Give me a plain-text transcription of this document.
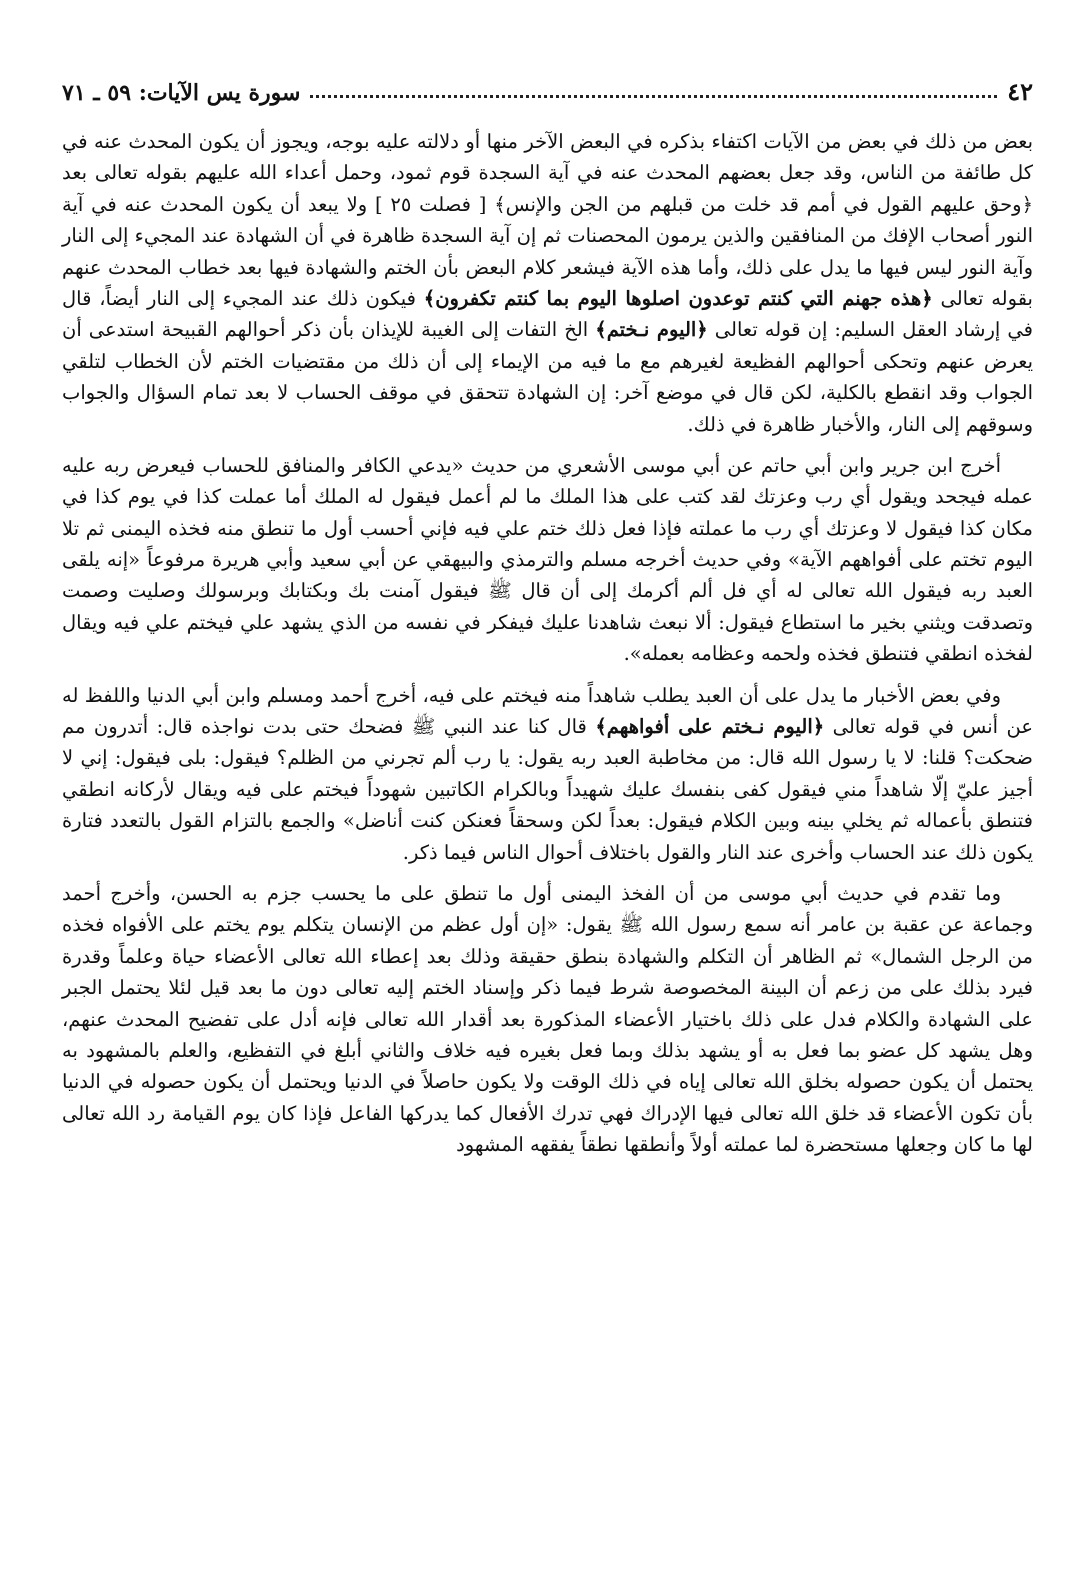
٤٢
سورة يس الآيات: ٥٩ ـ ٧١

بعض من ذلك في بعض من الآيات اكتفاء بذكره في البعض الآخر منها أو دلالته عليه بوجه، ويجوز أن يكون المحدث عنه في كل طائفة من الناس، وقد جعل بعضهم المحدث عنه في آية السجدة قوم ثمود، وحمل أعداء الله عليهم بقوله تعالى بعد ﴿وحق عليهم القول في أمم قد خلت من قبلهم من الجن والإنس﴾ [ فصلت ٢٥ ] ولا يبعد أن يكون المحدث عنه في آية النور أصحاب الإفك من المنافقين والذين يرمون المحصنات ثم إن آية السجدة ظاهرة في أن الشهادة عند المجيء إلى النار وآية النور ليس فيها ما يدل على ذلك، وأما هذه الآية فيشعر كلام البعض بأن الختم والشهادة فيها بعد خطاب المحدث عنهم بقوله تعالى ﴿هذه جهنم التي كنتم توعدون اصلوها اليوم بما كنتم تكفرون﴾ فيكون ذلك عند المجيء إلى النار أيضاً، قال في إرشاد العقل السليم: إن قوله تعالى ﴿اليوم نـختم﴾ الخ التفات إلى الغيبة للإيذان بأن ذكر أحوالهم القبيحة استدعى أن يعرض عنهم وتحكى أحوالهم الفظيعة لغيرهم مع ما فيه من الإيماء إلى أن ذلك من مقتضيات الختم لأن الخطاب لتلقي الجواب وقد انقطع بالكلية، لكن قال في موضع آخر: إن الشهادة تتحقق في موقف الحساب لا بعد تمام السؤال والجواب وسوقهم إلى النار، والأخبار ظاهرة في ذلك.

أخرج ابن جرير وابن أبي حاتم عن أبي موسى الأشعري من حديث «يدعي الكافر والمنافق للحساب فيعرض ربه عليه عمله فيجحد ويقول أي رب وعزتك لقد كتب على هذا الملك ما لم أعمل فيقول له الملك أما عملت كذا في يوم كذا في مكان كذا فيقول لا وعزتك أي رب ما عملته فإذا فعل ذلك ختم علي فيه فإني أحسب أول ما تنطق منه فخذه اليمنى ثم تلا اليوم تختم على أفواههم الآية» وفي حديث أخرجه مسلم والترمذي والبيهقي عن أبي سعيد وأبي هريرة مرفوعاً «إنه يلقى العبد ربه فيقول الله تعالى له أي فل ألم أكرمك إلى أن قال ﷺ فيقول آمنت بك وبكتابك وبرسولك وصليت وصمت وتصدقت ويثني بخير ما استطاع فيقول: ألا نبعث شاهدنا عليك فيفكر في نفسه من الذي يشهد علي فيختم علي فيه ويقال لفخذه انطقي فتنطق فخذه ولحمه وعظامه بعمله».

وفي بعض الأخبار ما يدل على أن العبد يطلب شاهداً منه فيختم على فيه، أخرج أحمد ومسلم وابن أبي الدنيا واللفظ له عن أنس في قوله تعالى ﴿اليوم نـختم على أفواههم﴾ قال كنا عند النبي ﷺ فضحك حتى بدت نواجذه قال: أتدرون مم ضحكت؟ قلنا: لا يا رسول الله قال: من مخاطبة العبد ربه يقول: يا رب ألم تجرني من الظلم؟ فيقول: بلى فيقول: إني لا أجيز عليّ إلّا شاهداً مني فيقول كفى بنفسك عليك شهيداً وبالكرام الكاتبين شهوداً فيختم على فيه ويقال لأركانه انطقي فتنطق بأعماله ثم يخلي بينه وبين الكلام فيقول: بعداً لكن وسحقاً فعنكن كنت أناضل» والجمع بالتزام القول بالتعدد فتارة يكون ذلك عند الحساب وأخرى عند النار والقول باختلاف أحوال الناس فيما ذكر.

وما تقدم في حديث أبي موسى من أن الفخذ اليمنى أول ما تنطق على ما يحسب جزم به الحسن، وأخرج أحمد وجماعة عن عقبة بن عامر أنه سمع رسول الله ﷺ يقول: «إن أول عظم من الإنسان يتكلم يوم يختم على الأفواه فخذه من الرجل الشمال» ثم الظاهر أن التكلم والشهادة بنطق حقيقة وذلك بعد إعطاء الله تعالى الأعضاء حياة وعلماً وقدرة فيرد بذلك على من زعم أن البينة المخصوصة شرط فيما ذكر وإسناد الختم إليه تعالى دون ما بعد قيل لئلا يحتمل الجبر على الشهادة والكلام فدل على ذلك باختيار الأعضاء المذكورة بعد أقدار الله تعالى فإنه أدل على تفضيح المحدث عنهم، وهل يشهد كل عضو بما فعل به أو يشهد بذلك وبما فعل بغيره فيه خلاف والثاني أبلغ في التفظيع، والعلم بالمشهود به يحتمل أن يكون حصوله بخلق الله تعالى إياه في ذلك الوقت ولا يكون حاصلاً في الدنيا ويحتمل أن يكون حصوله في الدنيا بأن تكون الأعضاء قد خلق الله تعالى فيها الإدراك فهي تدرك الأفعال كما يدركها الفاعل فإذا كان يوم القيامة رد الله تعالى لها ما كان وجعلها مستحضرة لما عملته أولاً وأنطقها نطقاً يفقهه المشهود
